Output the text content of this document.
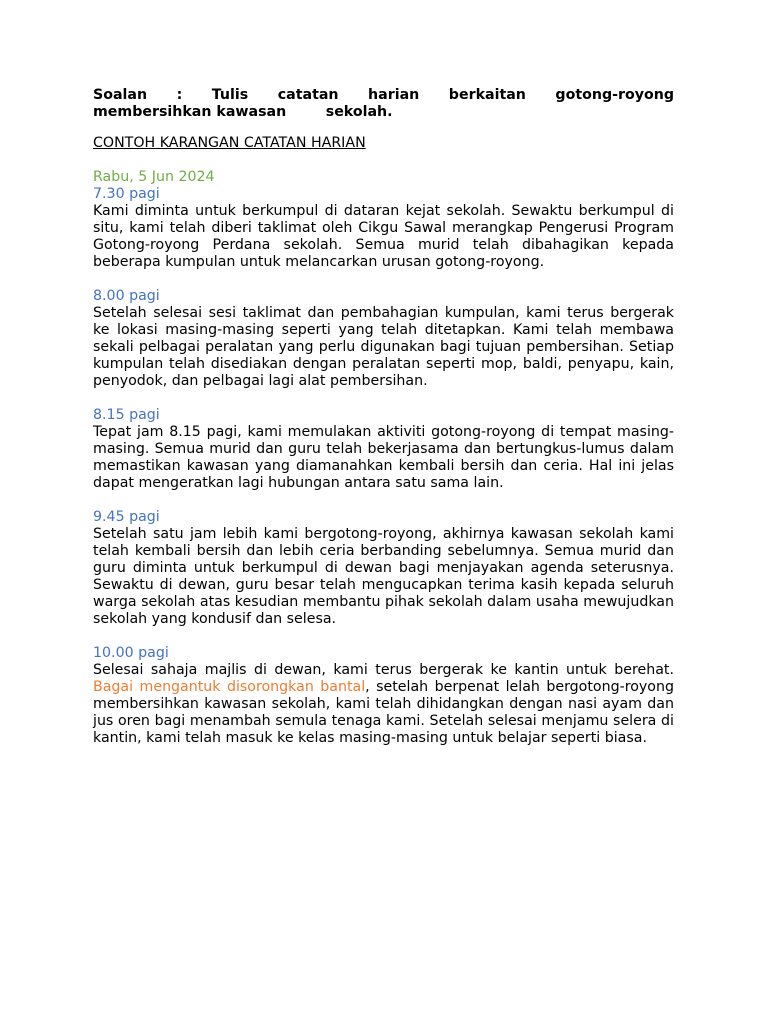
Soalan : Tulis catatan harian berkaitan gotong-royong
membersihkan kawasan        sekolah.

CONTOH KARANGAN CATATAN HARIAN

Rabu, 5 Jun 2024

7.30 pagi

Kami diminta untuk berkumpul di dataran kejat sekolah. Sewaktu berkumpul di situ, kami telah diberi taklimat oleh Cikgu Sawal merangkap Pengerusi Program Gotong-royong Perdana sekolah. Semua murid telah dibahagikan kepada beberapa kumpulan untuk melancarkan urusan gotong-royong.

8.00 pagi

Setelah selesai sesi taklimat dan pembahagian kumpulan, kami terus bergerak ke lokasi masing-masing seperti yang telah ditetapkan. Kami telah membawa sekali pelbagai peralatan yang perlu digunakan bagi tujuan pembersihan. Setiap kumpulan telah disediakan dengan peralatan seperti mop, baldi, penyapu, kain, penyodok, dan pelbagai lagi alat pembersihan.

8.15 pagi

Tepat jam 8.15 pagi, kami memulakan aktiviti gotong-royong di tempat masing-masing. Semua murid dan guru telah bekerjasama dan bertungkus-lumus dalam memastikan kawasan yang diamanahkan kembali bersih dan ceria. Hal ini jelas dapat mengeratkan lagi hubungan antara satu sama lain.

9.45 pagi

Setelah satu jam lebih kami bergotong-royong, akhirnya kawasan sekolah kami telah kembali bersih dan lebih ceria berbanding sebelumnya. Semua murid dan guru diminta untuk berkumpul di dewan bagi menjayakan agenda seterusnya. Sewaktu di dewan, guru besar telah mengucapkan terima kasih kepada seluruh warga sekolah atas kesudian membantu pihak sekolah dalam usaha mewujudkan sekolah yang kondusif dan selesa.

10.00 pagi

Selesai sahaja majlis di dewan, kami terus bergerak ke kantin untuk berehat. Bagai mengantuk disorongkan bantal, setelah berpenat lelah bergotong-royong membersihkan kawasan sekolah, kami telah dihidangkan dengan nasi ayam dan jus oren bagi menambah semula tenaga kami. Setelah selesai menjamu selera di kantin, kami telah masuk ke kelas masing-masing untuk belajar seperti biasa.
